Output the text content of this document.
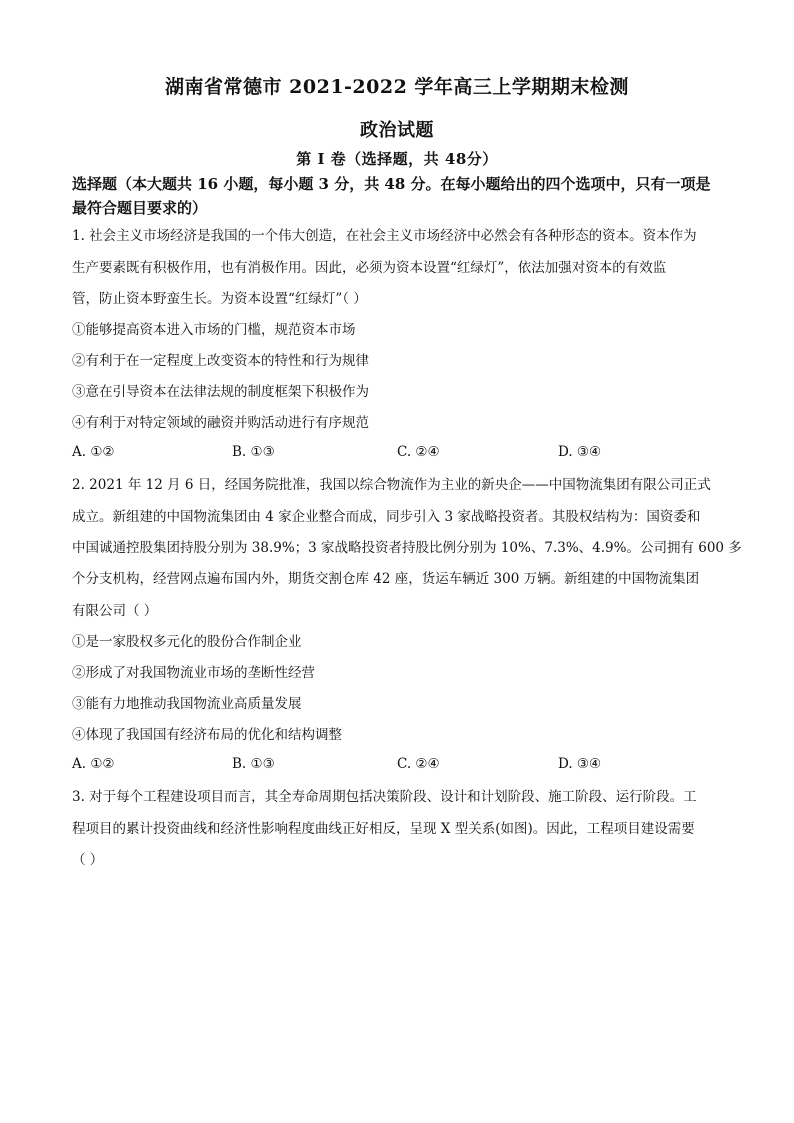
湖南省常德市 2021-2022 学年高三上学期期末检测
政治试题
第 I 卷（选择题，共 48分）
选择题（本大题共 16 小题，每小题 3 分，共 48 分。在每小题给出的四个选项中，只有一项是最符合题目要求的）
1. 社会主义市场经济是我国的一个伟大创造，在社会主义市场经济中必然会有各种形态的资本。资本作为
生产要素既有积极作用，也有消极作用。因此，必须为资本设置“红绿灯”，依法加强对资本的有效监
管，防止资本野蛮生长。为资本设置“红绿灯”（ ）
①能够提高资本进入市场的门槛，规范资本市场
②有利于在一定程度上改变资本的特性和行为规律
③意在引导资本在法律法规的制度框架下积极作为
④有利于对特定领域的融资并购活动进行有序规范
A. ①②	B. ①③	C. ②④	D. ③④
2. 2021 年 12 月 6 日，经国务院批准，我国以综合物流作为主业的新央企——中国物流集团有限公司正式
成立。新组建的中国物流集团由 4 家企业整合而成，同步引入 3 家战略投资者。其股权结构为：国资委和
中国诚通控股集团持股分别为 38.9%；3 家战略投资者持股比例分别为 10%、7.3%、4.9%。公司拥有 600 多
个分支机构，经营网点遍布国内外，期货交割仓库 42 座，货运车辆近 300 万辆。新组建的中国物流集团
有限公司（ ）
①是一家股权多元化的股份合作制企业
②形成了对我国物流业市场的垄断性经营
③能有力地推动我国物流业高质量发展
④体现了我国国有经济布局的优化和结构调整
A. ①②	B. ①③	C. ②④	D. ③④
3. 对于每个工程建设项目而言，其全寿命周期包括决策阶段、设计和计划阶段、施工阶段、运行阶段。工
程项目的累计投资曲线和经济性影响程度曲线正好相反，呈现 X 型关系(如图)。因此，工程项目建设需要
（ ）
